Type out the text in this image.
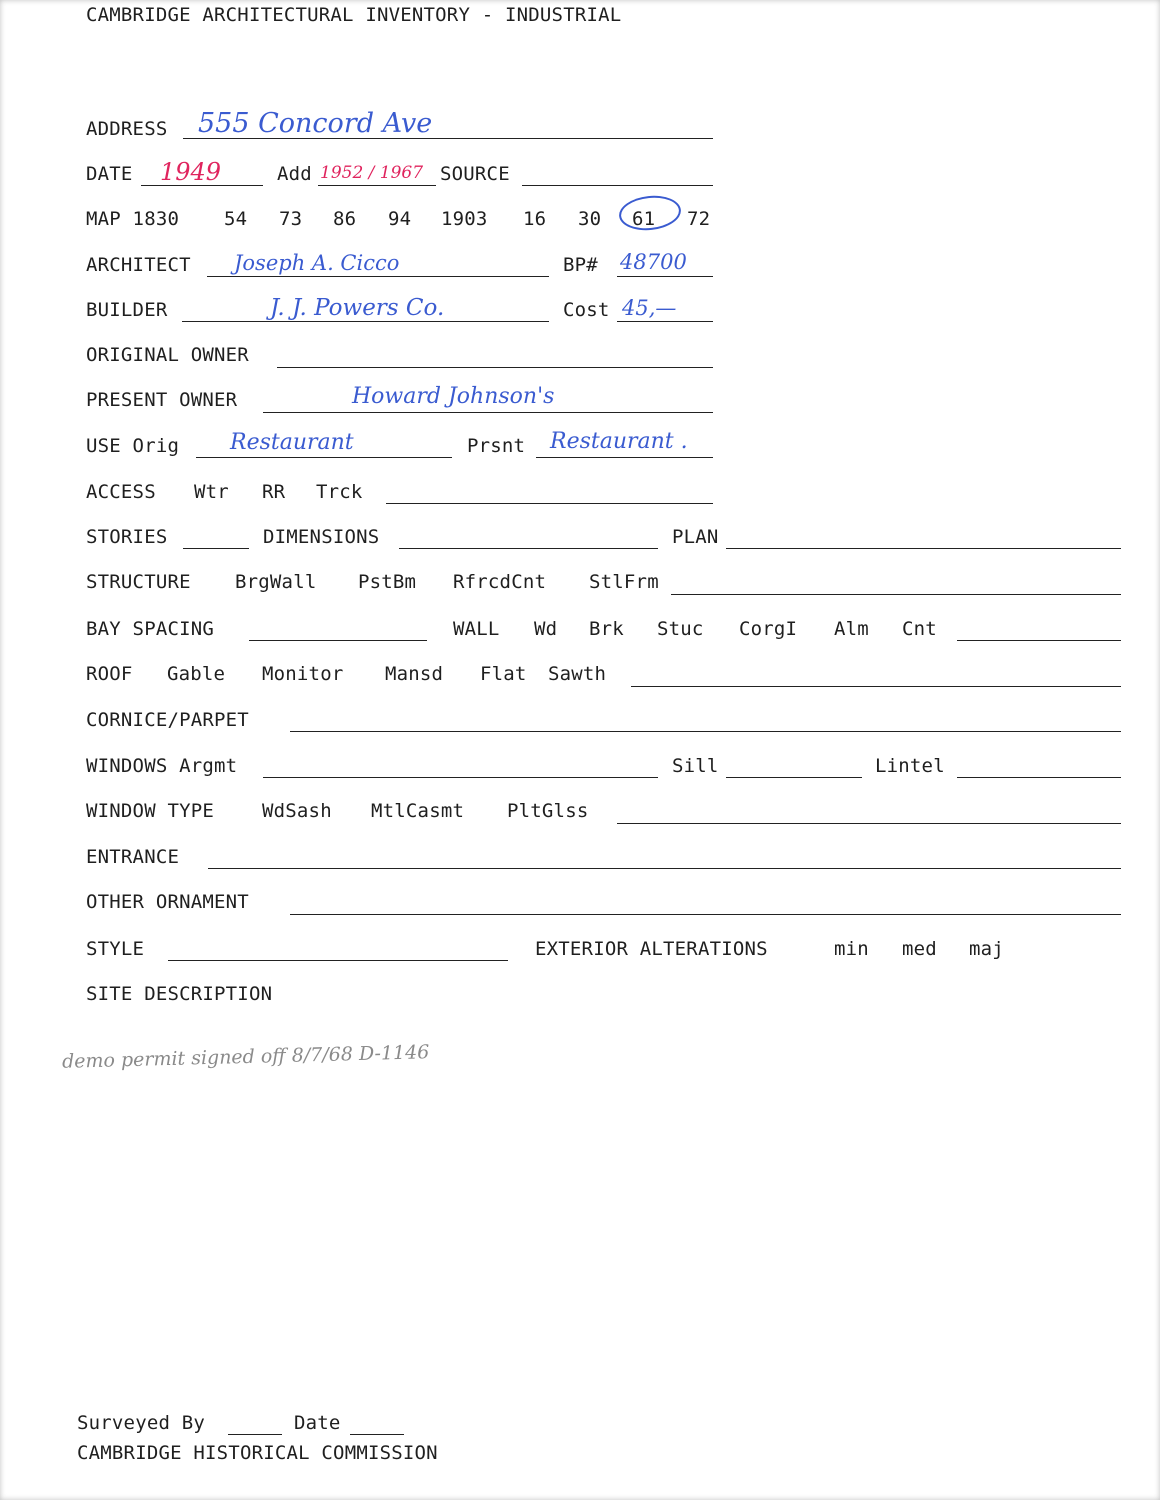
CAMBRIDGE ARCHITECTURAL INVENTORY - INDUSTRIAL
ADDRESS 555 Concord Ave
DATE 1949	Add 1952 / 1967 SOURCE
MAP 1830 54 73 86 94 1903 16 30 61 72
ARCHITECT Joseph A. Cicco	BP# 48700
BUILDER	J. J. Powers Co.	Cost 45,—
ORIGINAL OWNER
PRESENT OWNER	Howard Johnson's
USE Orig Restaurant	Prsnt Restaurant .
ACCESS Wtr RR Trck
STORIES	DIMENSIONS	PLAN
STRUCTURE BrgWall PstBm RfrcdCnt StlFrm
BAY SPACING	WALL Wd Brk Stuc CorgI Alm Cnt
ROOF Gable Monitor Mansd Flat Sawth
CORNICE/PARPET
WINDOWS Argmt	Sill	Lintel
WINDOW TYPE	WdSash MtlCasmt PltGlss
ENTRANCE
OTHER ORNAMENT
STYLE	EXTERIOR ALTERATIONS	min med maj
SITE DESCRIPTION
demo permit signed off 8/7/68 D-1146
Surveyed By	Date
CAMBRIDGE HISTORICAL COMMISSION
